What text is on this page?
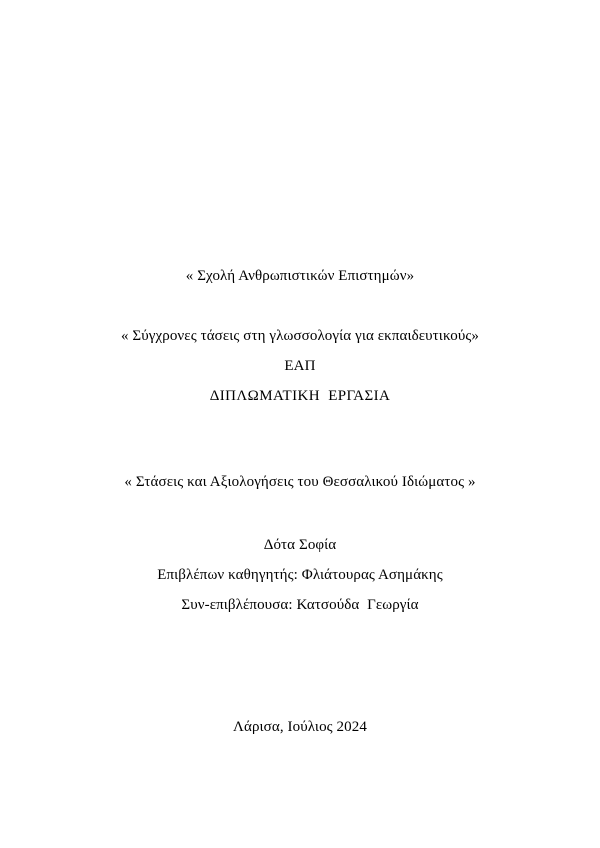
« Σχολή Ανθρωπιστικών Επιστημών»
« Σύγχρονες τάσεις στη γλωσσολογία για εκπαιδευτικούς»
ΕΑΠ
ΔΙΠΛΩΜΑΤΙΚΗ  ΕΡΓΑΣΙΑ
« Στάσεις και Αξιολογήσεις του Θεσσαλικού Ιδιώματος »
Δότα Σοφία
Επιβλέπων καθηγητής: Φλιάτουρας Ασημάκης
Συν-επιβλέπουσα: Κατσούδα  Γεωργία
Λάρισα, Ιούλιος 2024
